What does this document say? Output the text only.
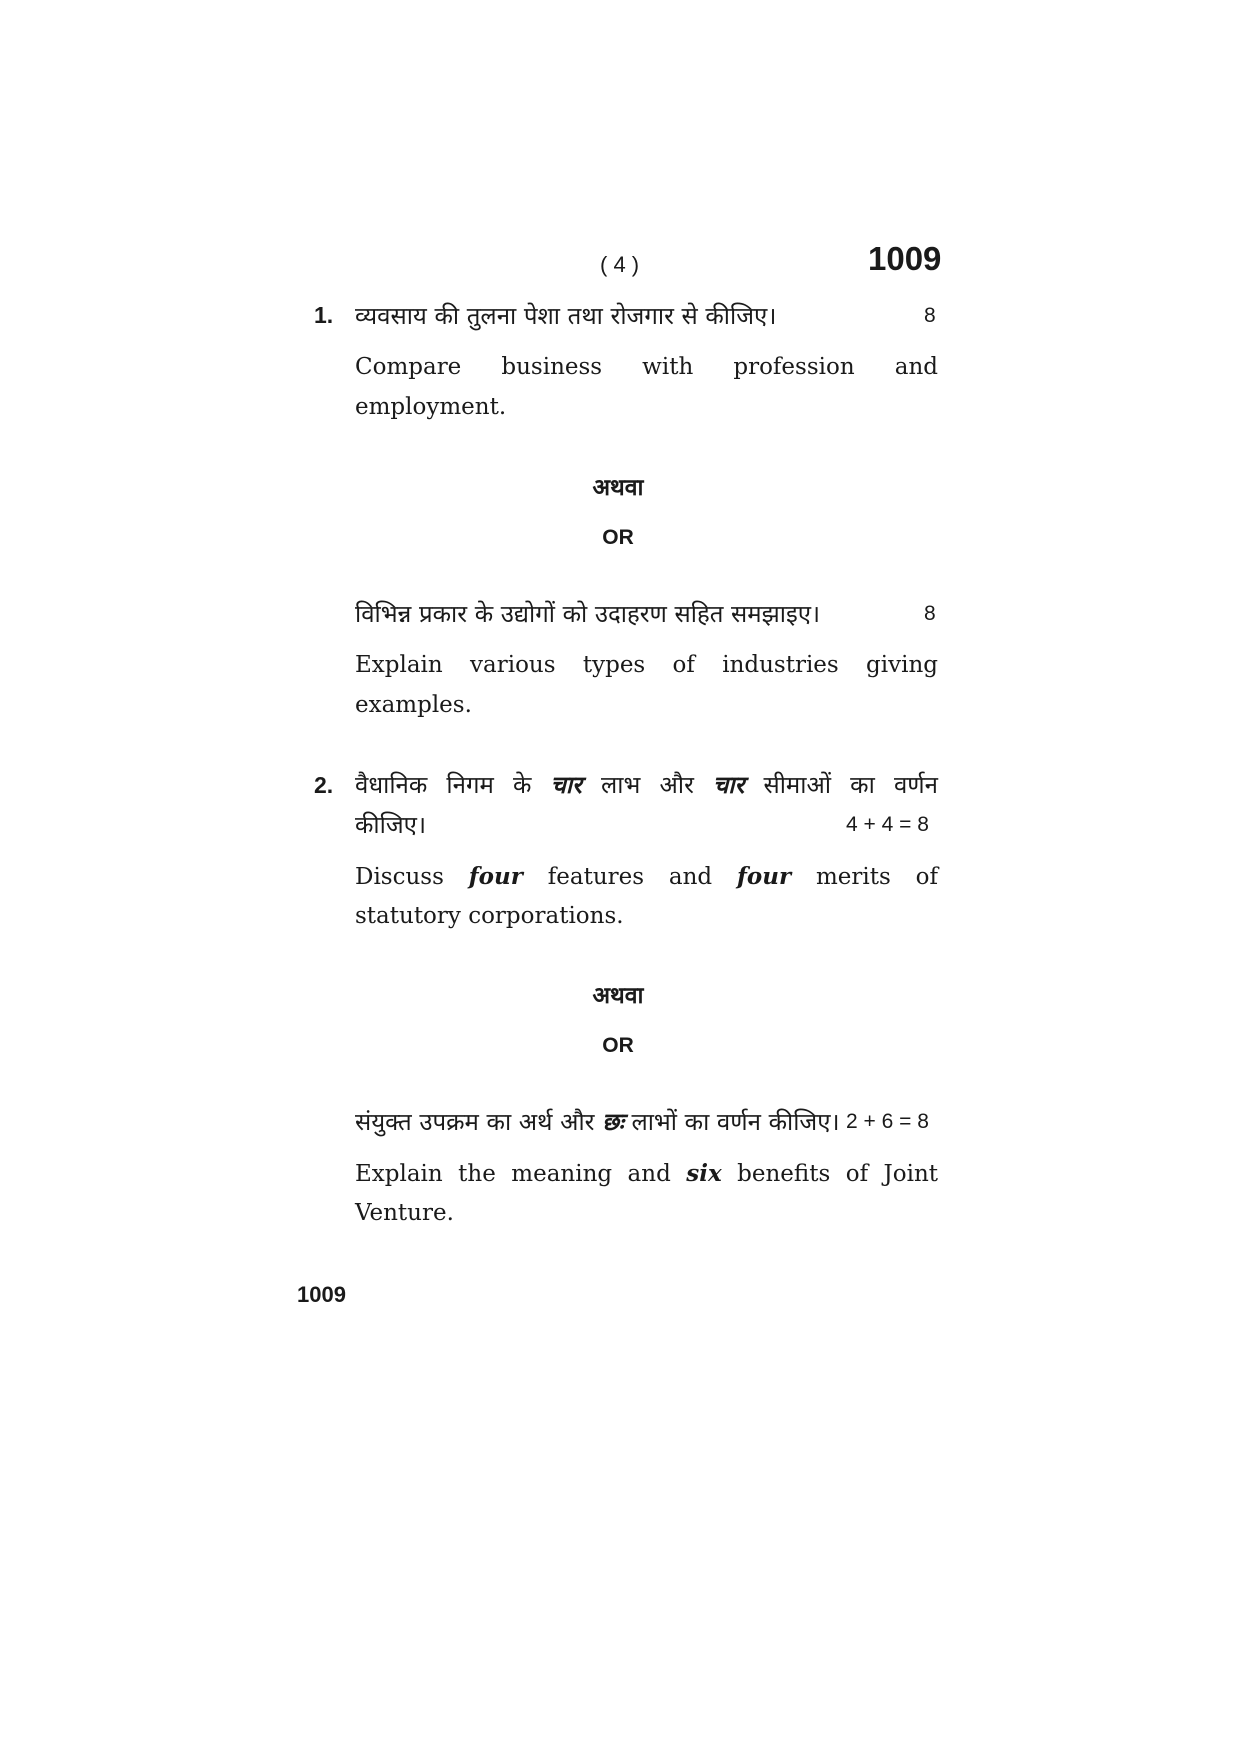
( 4 )	1009
1. व्यवसाय की तुलना पेशा तथा रोजगार से कीजिए।	8
Compare business with profession and
employment.
अथवा
OR
विभिन्न प्रकार के उद्योगों को उदाहरण सहित समझाइए।	8
Explain various types of industries giving
examples.
2. वैधानिक निगम के चार लाभ और चार सीमाओं का वर्णन
कीजिए।	4 + 4 = 8
Discuss four features and four merits of
statutory corporations.
अथवा
OR
संयुक्त उपक्रम का अर्थ और छः लाभों का वर्णन कीजिए। 2 + 6 = 8
Explain the meaning and six benefits of Joint
Venture.
1009
